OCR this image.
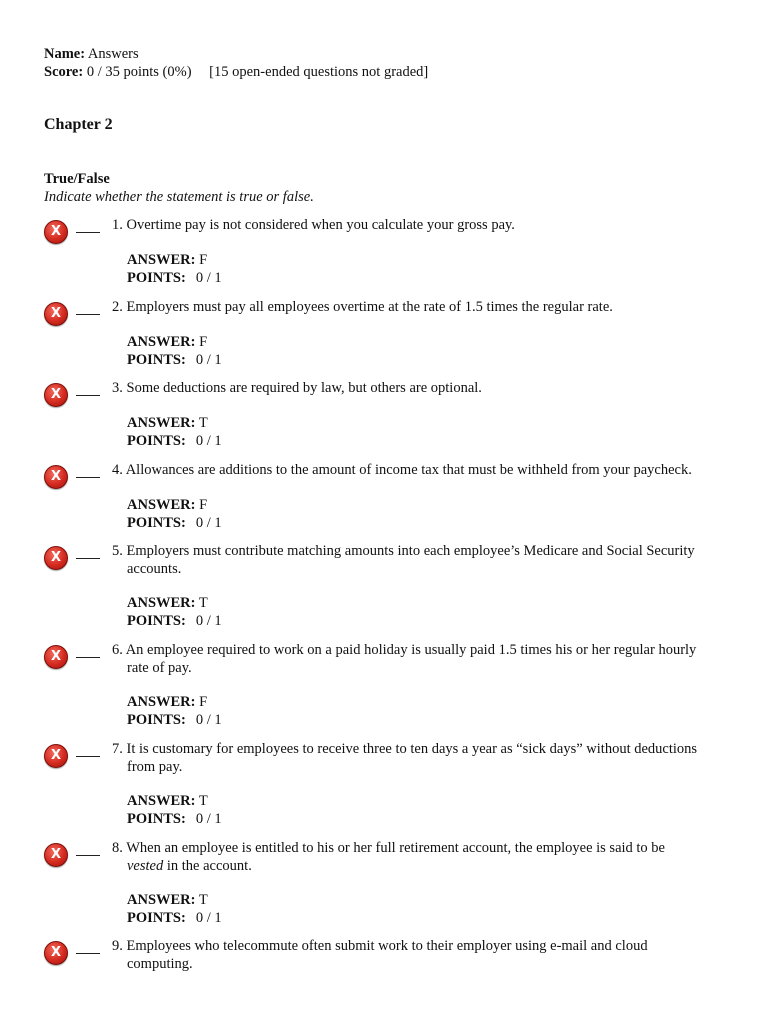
Name: Answers
Score: 0 / 35 points (0%) [15 open-ended questions not graded]
Chapter 2
True/False
Indicate whether the statement is true or false.
X	1. Overtime pay is not considered when you calculate your gross pay.
ANSWER: F
POINTS: 0 / 1
X	2. Employers must pay all employees overtime at the rate of 1.5 times the regular rate.
ANSWER: F
POINTS: 0 / 1
X	3. Some deductions are required by law, but others are optional.
ANSWER: T
POINTS: 0 / 1
X	4. Allowances are additions to the amount of income tax that must be withheld from your paycheck.
ANSWER: F
POINTS: 0 / 1
X	5. Employers must contribute matching amounts into each employee’s Medicare and Social Security
accounts.
ANSWER: T
POINTS: 0 / 1
X	6. An employee required to work on a paid holiday is usually paid 1.5 times his or her regular hourly
rate of pay.
ANSWER: F
POINTS: 0 / 1
X	7. It is customary for employees to receive three to ten days a year as “sick days” without deductions
from pay.
ANSWER: T
POINTS: 0 / 1
X	8. When an employee is entitled to his or her full retirement account, the employee is said to be
vested in the account.
ANSWER: T
POINTS: 0 / 1
X	9. Employees who telecommute often submit work to their employer using e-mail and cloud
computing.
